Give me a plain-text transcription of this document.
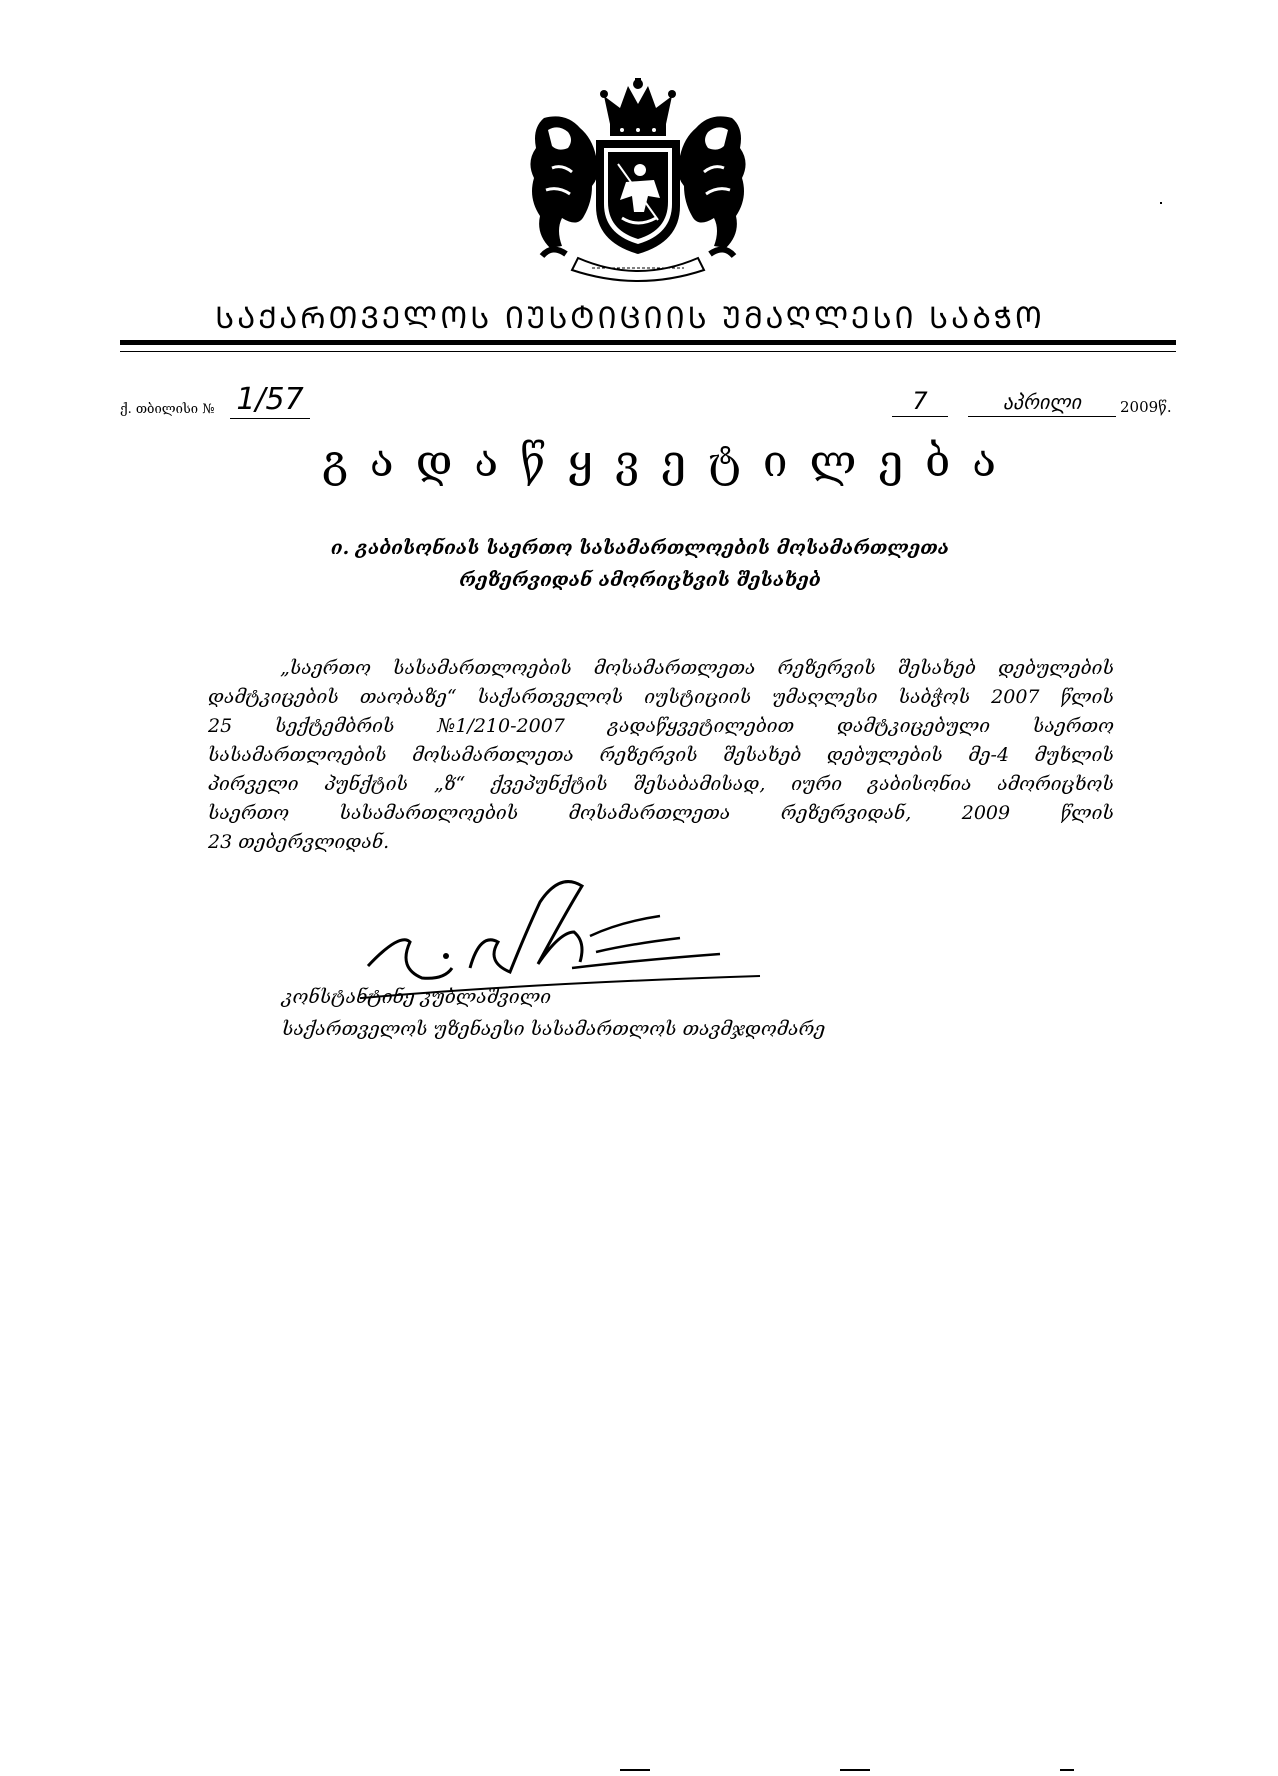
ᲡᲐᲥᲐᲠᲗᲕᲔᲚᲝᲡ ᲘᲣᲡᲢᲘᲪᲘᲘᲡ ᲣᲛᲐᲦᲚᲔᲡᲘ ᲡᲐᲑᲭᲝ
ქ. თბილისი № 1/57	7	აპრილი	2009წ.
გადაწყვეტილება
ი. გაბისონიას საერთო სასამართლოების მოსამართლეთა
რეზერვიდან ამორიცხვის შესახებ
„საერთო სასამართლოების მოსამართლეთა რეზერვის შესახებ დებულების
დამტკიცების თაობაზე“ საქართველოს იუსტიციის უმაღლესი საბჭოს 2007 წლის
25 სექტემბრის №1/210-2007 გადაწყვეტილებით დამტკიცებული საერთო
სასამართლოების მოსამართლეთა რეზერვის შესახებ დებულების მე-4 მუხლის
პირველი პუნქტის „ზ“ ქვეპუნქტის შესაბამისად, იური გაბისონია ამორიცხოს
საერთო	სასამართლოების	მოსამართლეთა	რეზერვიდან,	2009	წლის
23 თებერვლიდან.
კონსტანტინე კუბლაშვილი
საქართველოს უზენაესი სასამართლოს თავმჯდომარე
